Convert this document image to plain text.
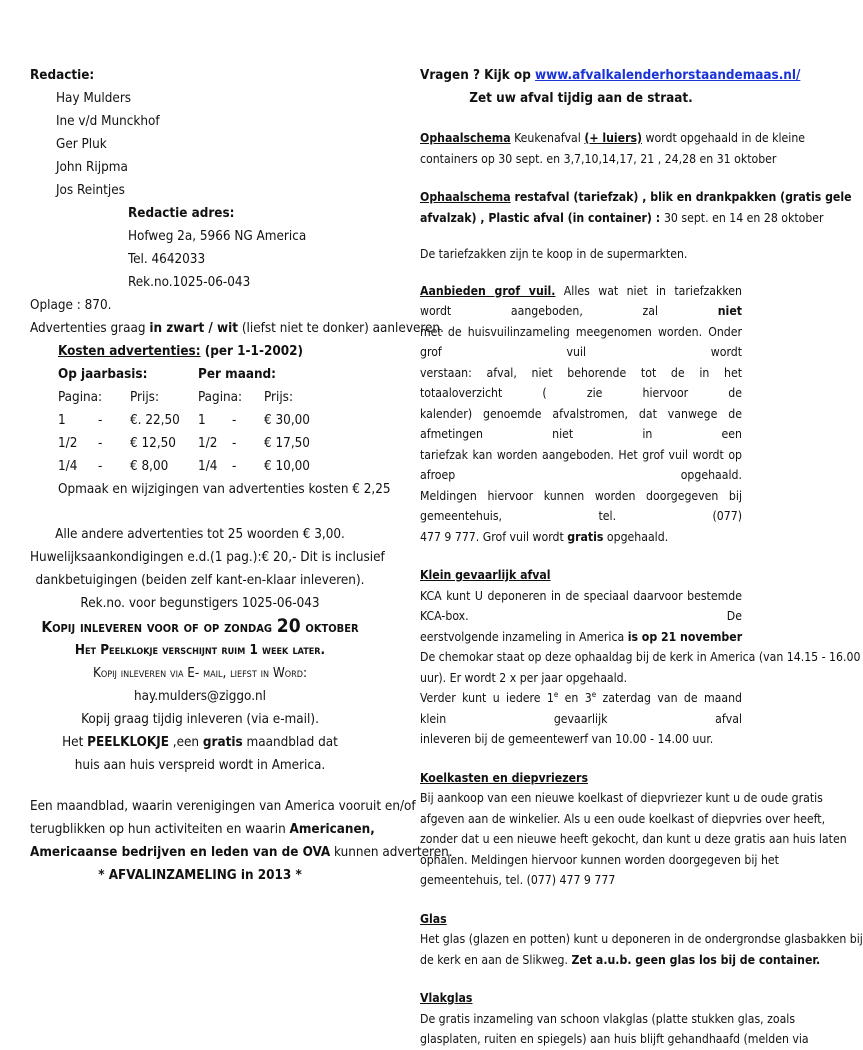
Redactie:
Hay Mulders
Ine v/d Munckhof
Ger Pluk
John Rijpma
Jos Reintjes
Redactie adres:
Hofweg 2a, 5966 NG America
Tel. 4642033
Rek.no.1025-06-043
Oplage : 870.
Advertenties graag in zwart / wit (liefst niet te donker) aanleveren.
Kosten advertenties: (per 1-1-2002)
Op jaarbasis:	Per maand:
Pagina:	Prijs:	Pagina:	Prijs:
1	-	€. 22,50	1	-	€ 30,00
1/2	-	€ 12,50	1/2	-	€ 17,50
1/4	-	€ 8,00	1/4	-	€ 10,00
Opmaak en wijzigingen van advertenties kosten € 2,25
Alle andere advertenties tot 25 woorden € 3,00.
Huwelijksaankondigingen e.d.(1 pag.):€ 20,- Dit is inclusief
dankbetuigingen (beiden zelf kant-en-klaar inleveren).
Rek.no. voor begunstigers 1025-06-043
Kopij inleveren voor of op zondag 20 oktober
Het Peelklokje verschijnt ruim 1 week later.
Kopij inleveren via E- mail, liefst in Word:
hay.mulders@ziggo.nl
Kopij graag tijdig inleveren (via e-mail).
Het PEELKLOKJE ,een gratis maandblad dat
huis aan huis verspreid wordt in America.
Een maandblad, waarin verenigingen van America vooruit en/of
terugblikken op hun activiteiten en waarin Americanen,
Americaanse bedrijven en leden van de OVA kunnen adverteren.
* AFVALINZAMELING in 2013 *
Vragen ? Kijk op www.afvalkalenderhorstaandemaas.nl/
Zet uw afval tijdig aan de straat.
Ophaalschema Keukenafval (+ luiers) wordt opgehaald in de kleine
containers op 30 sept. en 3,7,10,14,17, 21 , 24,28 en 31 oktober
Ophaalschema restafval (tariefzak) , blik en drankpakken (gratis gele
afvalzak) , Plastic afval (in container) : 30 sept. en 14 en 28 oktober
De tariefzakken zijn te koop in de supermarkten.
Aanbieden grof vuil. Alles wat niet in tariefzakken wordt aangeboden, zal niet
met de huisvuilinzameling meegenomen worden. Onder grof vuil wordt
verstaan: afval, niet behorende tot de in het totaaloverzicht ( zie hiervoor de
kalender) genoemde afvalstromen, dat vanwege de afmetingen niet in een
tariefzak kan worden aangeboden. Het grof vuil wordt op afroep opgehaald.
Meldingen hiervoor kunnen worden doorgegeven bij gemeentehuis, tel. (077)
477 9 777. Grof vuil wordt gratis opgehaald.
Klein gevaarlijk afval
KCA kunt U deponeren in de speciaal daarvoor bestemde KCA-box. De
eerstvolgende inzameling in America is op 21 november
De chemokar staat op deze ophaaldag bij de kerk in America (van 14.15 - 16.00
uur). Er wordt 2 x per jaar opgehaald.
Verder kunt u iedere 1e en 3e zaterdag van de maand klein gevaarlijk afval
inleveren bij de gemeentewerf van 10.00 - 14.00 uur.
Koelkasten en diepvriezers
Bij aankoop van een nieuwe koelkast of diepvriezer kunt u de oude gratis
afgeven aan de winkelier. Als u een oude koelkast of diepvries over heeft,
zonder dat u een nieuwe heeft gekocht, dan kunt u deze gratis aan huis laten
ophalen. Meldingen hiervoor kunnen worden doorgegeven bij het
gemeentehuis, tel. (077) 477 9 777
Glas
Het glas (glazen en potten) kunt u deponeren in de ondergrondse glasbakken bij
de kerk en aan de Slikweg. Zet a.u.b. geen glas los bij de container.
Vlakglas
De gratis inzameling van schoon vlakglas (platte stukken glas, zoals
glasplaten, ruiten en spiegels) aan huis blijft gehandhaafd (melden via
